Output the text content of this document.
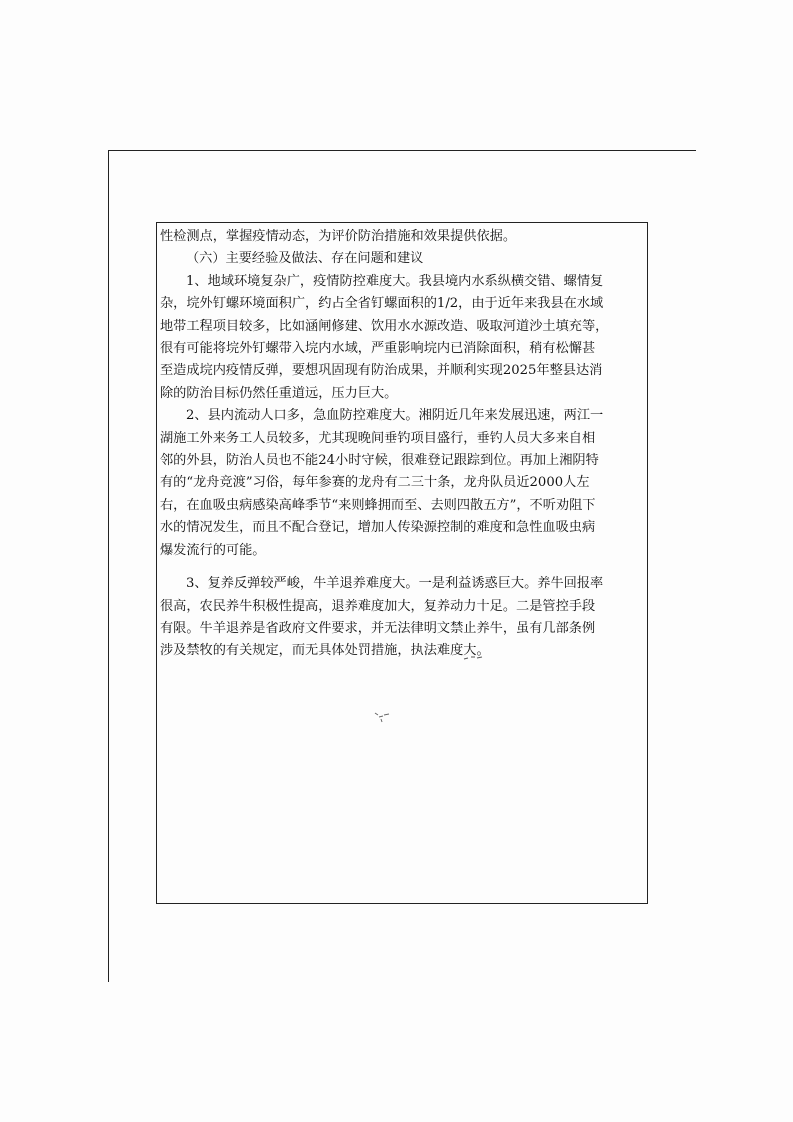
性检测点，掌握疫情动态，为评价防治措施和效果提供依据。

（六）主要经验及做法、存在问题和建议

1、地域环境复杂广，疫情防控难度大。我县境内水系纵横交错、螺情复

杂，垸外钉螺环境面积广，约占全省钉螺面积的1/2，由于近年来我县在水域

地带工程项目较多，比如涵闸修建、饮用水水源改造、吸取河道沙土填充等，

很有可能将垸外钉螺带入垸内水域，严重影响垸内已消除面积，稍有松懈甚

至造成垸内疫情反弹，要想巩固现有防治成果，并顺利实现2025年整县达消

除的防治目标仍然任重道远，压力巨大。

2、县内流动人口多，急血防控难度大。湘阴近几年来发展迅速，两江一

湖施工外来务工人员较多，尤其现晚间垂钓项目盛行，垂钓人员大多来自相

邻的外县，防治人员也不能24小时守候，很难登记跟踪到位。再加上湘阴特

有的“龙舟竞渡”习俗，每年参赛的龙舟有二三十条，龙舟队员近2000人左

右，在血吸虫病感染高峰季节“来则蜂拥而至、去则四散五方”，不听劝阻下

水的情况发生，而且不配合登记，增加人传染源控制的难度和急性血吸虫病

爆发流行的可能。

3、复养反弹较严峻，牛羊退养难度大。一是利益诱惑巨大。养牛回报率

很高，农民养牛积极性提高，退养难度加大，复养动力十足。二是管控手段

有限。牛羊退养是省政府文件要求，并无法律明文禁止养牛，虽有几部条例

涉及禁牧的有关规定，而无具体处罚措施，执法难度大。
